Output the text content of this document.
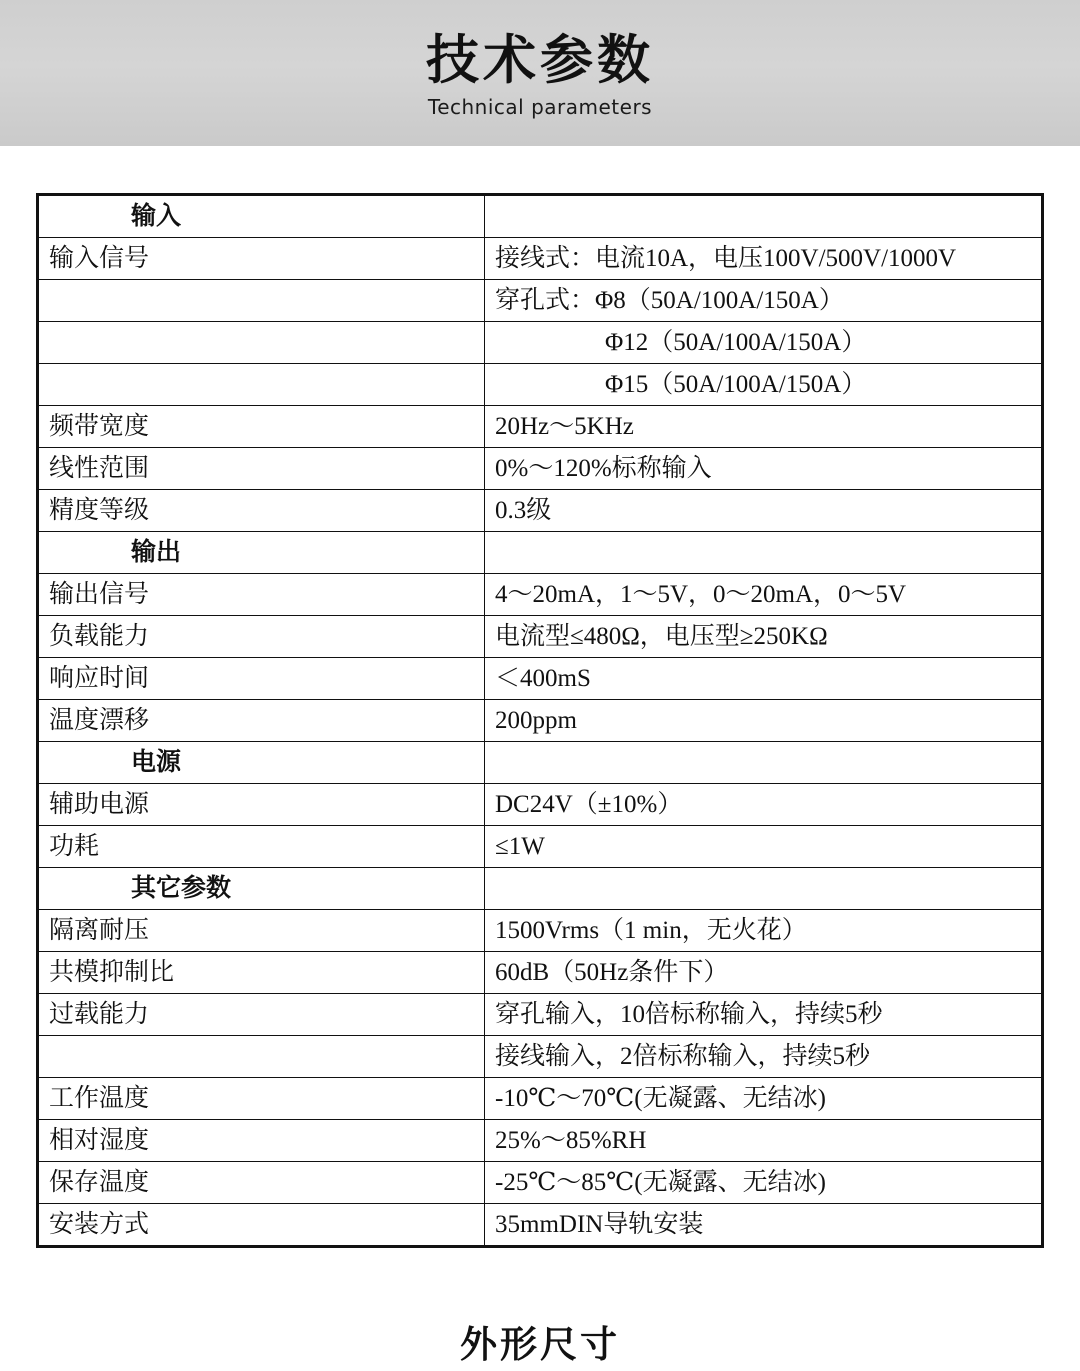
技术参数
Technical parameters
输入	
输入信号	接线式：电流10A，电压100V/500V/1000V
	穿孔式：Φ8（50A/100A/150A）
	Φ12（50A/100A/150A）
	Φ15（50A/100A/150A）
频带宽度	20Hz～5KHz
线性范围	0%～120%标称输入
精度等级	0.3级
输出	
输出信号	4～20mA，1～5V，0～20mA，0～5V
负载能力	电流型≤480Ω，电压型≥250KΩ
响应时间	＜400mS
温度漂移	200ppm
电源	
辅助电源	DC24V（±10%）
功耗	≤1W
其它参数	
隔离耐压	1500Vrms（1 min，无火花）
共模抑制比	60dB（50Hz条件下）
过载能力	穿孔输入，10倍标称输入，持续5秒
	接线输入，2倍标称输入，持续5秒
工作温度	-10℃～70℃(无凝露、无结冰)
相对湿度	25%～85%RH
保存温度	-25℃～85℃(无凝露、无结冰)
安装方式	35mmDIN导轨安装
外形尺寸
